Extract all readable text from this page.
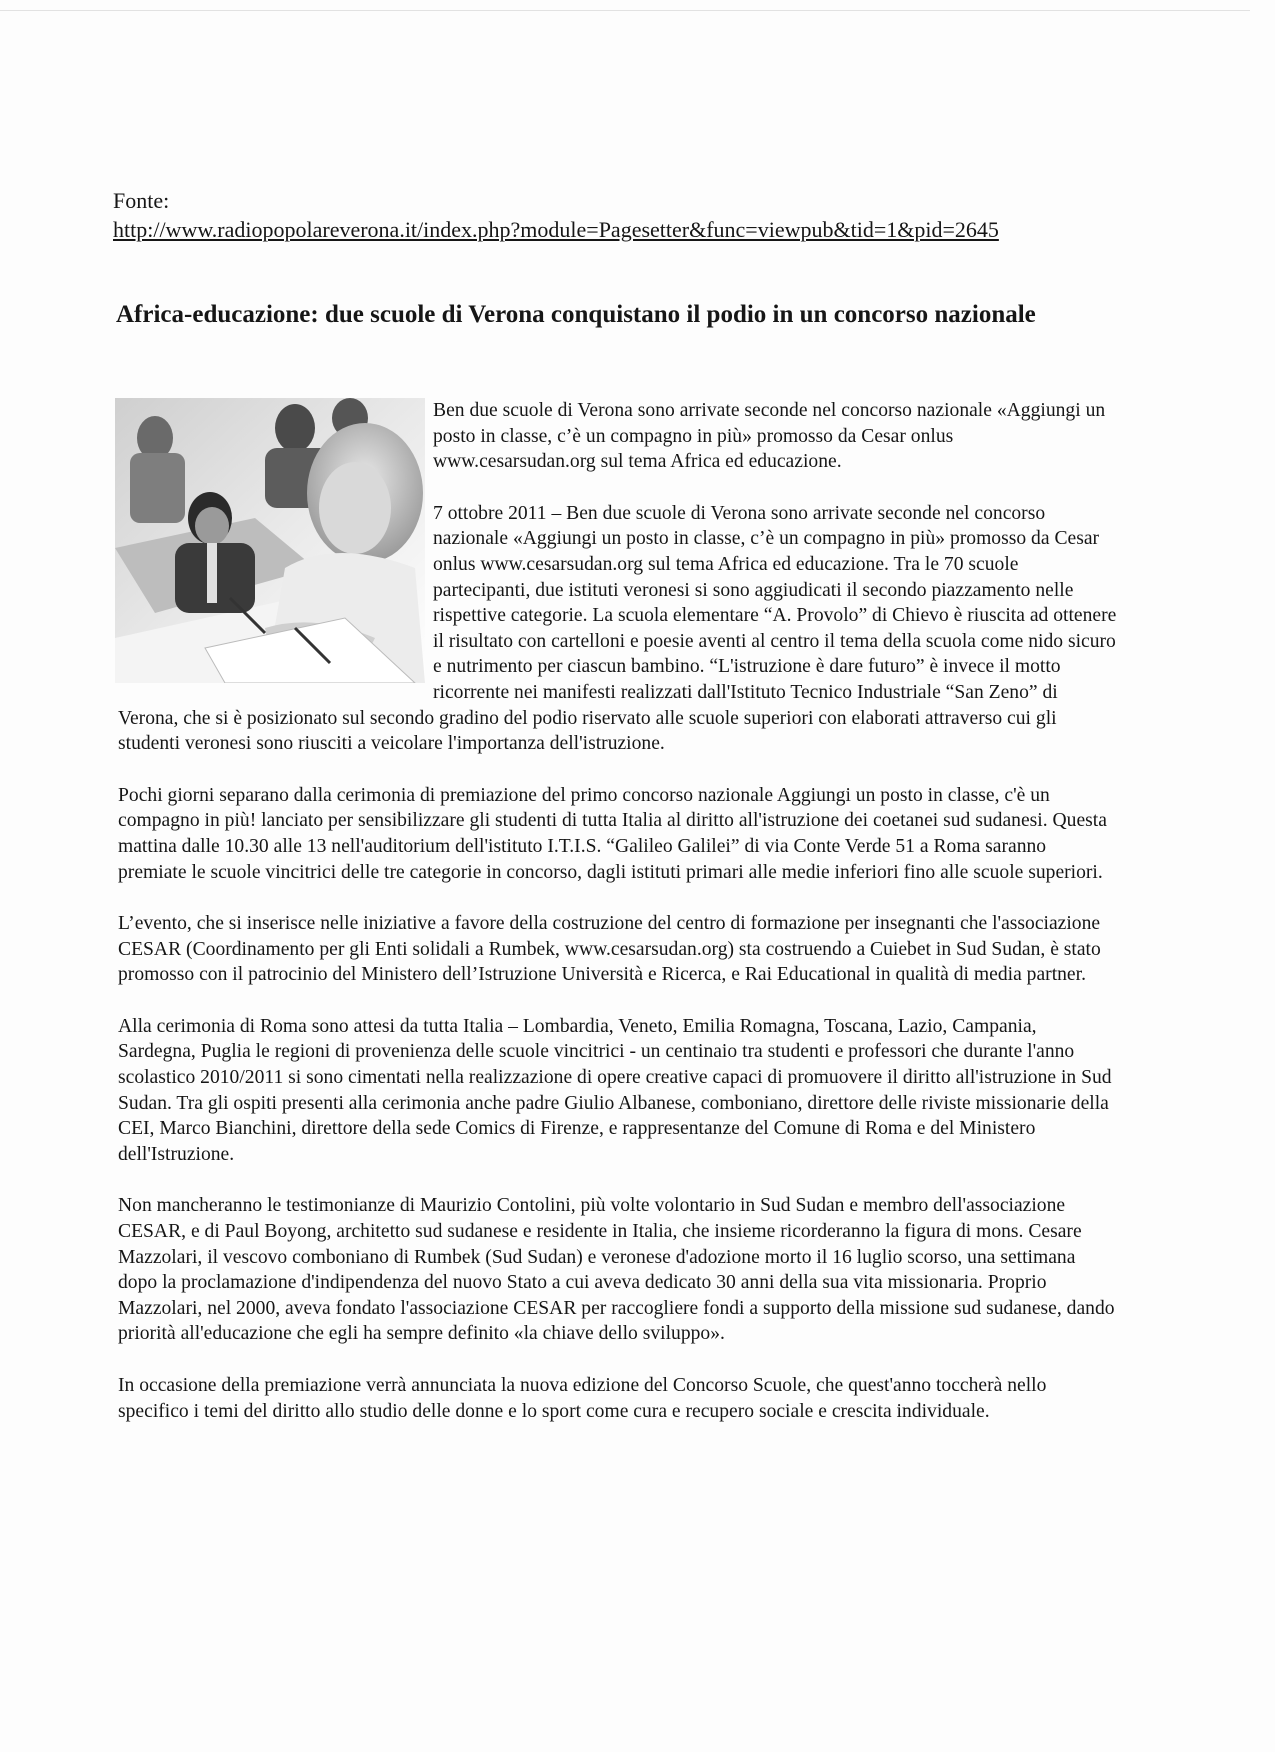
Fonte:
http://www.radiopopolareverona.it/index.php?module=Pagesetter&func=viewpub&tid=1&pid=2645
Africa-educazione: due scuole di Verona conquistano il podio in un concorso nazionale

Ben due scuole di Verona sono arrivate seconde nel concorso nazionale «Aggiungi un posto in classe, c’è un compagno in più» promosso da Cesar onlus www.cesarsudan.org sul tema Africa ed educazione.

7 ottobre 2011 – Ben due scuole di Verona sono arrivate seconde nel concorso nazionale «Aggiungi un posto in classe, c’è un compagno in più» promosso da Cesar onlus www.cesarsudan.org sul tema Africa ed educazione. Tra le 70 scuole partecipanti, due istituti veronesi si sono aggiudicati il secondo piazzamento nelle rispettive categorie. La scuola elementare “A. Provolo” di Chievo è riuscita ad ottenere il risultato con cartelloni e poesie aventi al centro il tema della scuola come nido sicuro e nutrimento per ciascun bambino. “L'istruzione è dare futuro” è invece il motto ricorrente nei manifesti realizzati dall'Istituto Tecnico Industriale “San Zeno” di Verona, che si è posizionato sul secondo gradino del podio riservato alle scuole superiori con elaborati attraverso cui gli studenti veronesi sono riusciti a veicolare l'importanza dell'istruzione.

Pochi giorni separano dalla cerimonia di premiazione del primo concorso nazionale Aggiungi un posto in classe, c'è un compagno in più! lanciato per sensibilizzare gli studenti di tutta Italia al diritto all'istruzione dei coetanei sud sudanesi. Questa mattina dalle 10.30 alle 13 nell'auditorium dell'istituto I.T.I.S. “Galileo Galilei” di via Conte Verde 51 a Roma saranno premiate le scuole vincitrici delle tre categorie in concorso, dagli istituti primari alle medie inferiori fino alle scuole superiori.

L’evento, che si inserisce nelle iniziative a favore della costruzione del centro di formazione per insegnanti che l'associazione CESAR (Coordinamento per gli Enti solidali a Rumbek, www.cesarsudan.org) sta costruendo a Cuiebet in Sud Sudan, è stato promosso con il patrocinio del Ministero dell’Istruzione Università e Ricerca, e Rai Educational in qualità di media partner.

Alla cerimonia di Roma sono attesi da tutta Italia – Lombardia, Veneto, Emilia Romagna, Toscana, Lazio, Campania, Sardegna, Puglia le regioni di provenienza delle scuole vincitrici - un centinaio tra studenti e professori che durante l'anno scolastico 2010/2011 si sono cimentati nella realizzazione di opere creative capaci di promuovere il diritto all'istruzione in Sud Sudan. Tra gli ospiti presenti alla cerimonia anche padre Giulio Albanese, comboniano, direttore delle riviste missionarie della CEI, Marco Bianchini, direttore della sede Comics di Firenze, e rappresentanze del Comune di Roma e del Ministero dell'Istruzione.

Non mancheranno le testimonianze di Maurizio Contolini, più volte volontario in Sud Sudan e membro dell'associazione CESAR, e di Paul Boyong, architetto sud sudanese e residente in Italia, che insieme ricorderanno la figura di mons. Cesare Mazzolari, il vescovo comboniano di Rumbek (Sud Sudan) e veronese d'adozione morto il 16 luglio scorso, una settimana dopo la proclamazione d'indipendenza del nuovo Stato a cui aveva dedicato 30 anni della sua vita missionaria. Proprio Mazzolari, nel 2000, aveva fondato l'associazione CESAR per raccogliere fondi a supporto della missione sud sudanese, dando priorità all'educazione che egli ha sempre definito «la chiave dello sviluppo».

In occasione della premiazione verrà annunciata la nuova edizione del Concorso Scuole, che quest'anno toccherà nello specifico i temi del diritto allo studio delle donne e lo sport come cura e recupero sociale e crescita individuale.
